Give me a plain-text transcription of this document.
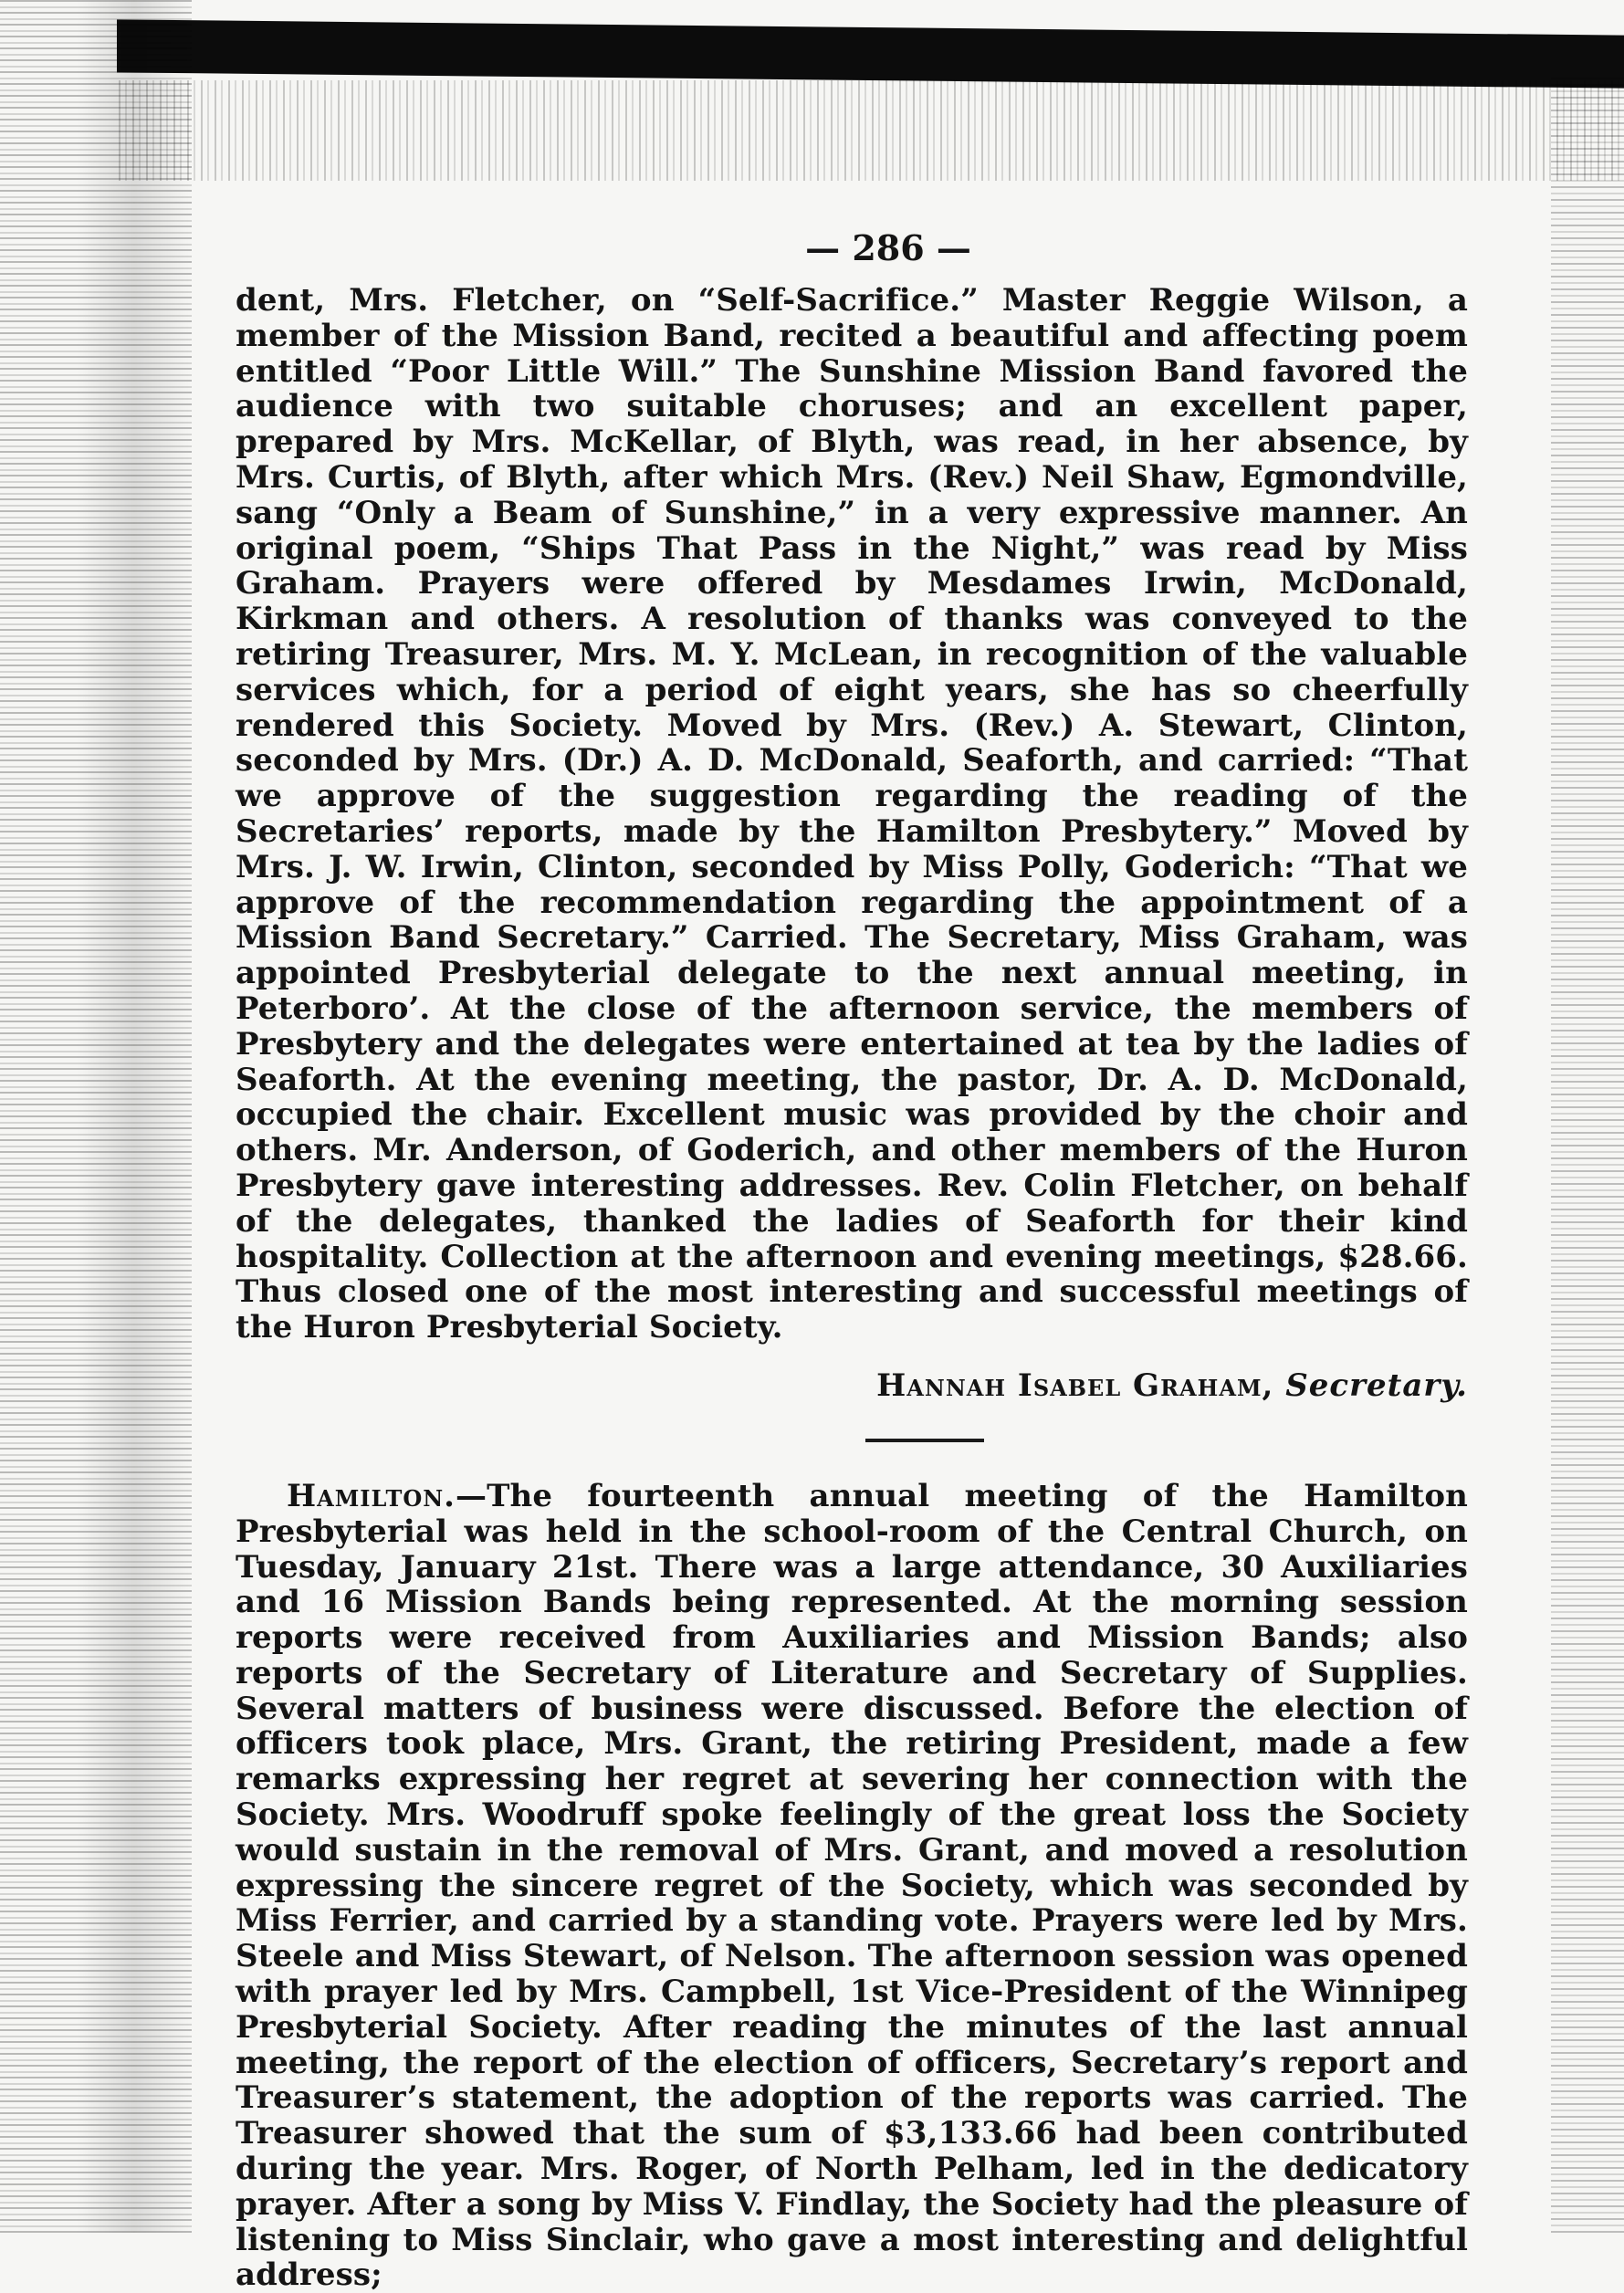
— 286 —

dent, Mrs. Fletcher, on “Self-Sacrifice.” Master Reggie Wilson, a member of the Mission Band, recited a beautiful and affecting poem entitled “Poor Little Will.” The Sunshine Mission Band favored the audience with two suitable choruses; and an excellent paper, prepared by Mrs. McKellar, of Blyth, was read, in her absence, by Mrs. Curtis, of Blyth, after which Mrs. (Rev.) Neil Shaw, Egmondville, sang “Only a Beam of Sunshine,” in a very expressive manner. An original poem, “Ships That Pass in the Night,” was read by Miss Graham. Prayers were offered by Mesdames Irwin, McDonald, Kirkman and others. A resolution of thanks was conveyed to the retiring Treasurer, Mrs. M. Y. McLean, in recognition of the valuable services which, for a period of eight years, she has so cheerfully rendered this Society. Moved by Mrs. (Rev.) A. Stewart, Clinton, seconded by Mrs. (Dr.) A. D. McDonald, Seaforth, and carried: “That we approve of the suggestion regarding the reading of the Secretaries’ reports, made by the Hamilton Presbytery.” Moved by Mrs. J. W. Irwin, Clinton, seconded by Miss Polly, Goderich: “That we approve of the recommendation regarding the appointment of a Mission Band Secretary.” Carried. The Secretary, Miss Graham, was appointed Presbyterial delegate to the next annual meeting, in Peterboro’. At the close of the afternoon service, the members of Presbytery and the delegates were entertained at tea by the ladies of Seaforth. At the evening meeting, the pastor, Dr. A. D. McDonald, occupied the chair. Excellent music was provided by the choir and others. Mr. Anderson, of Goderich, and other members of the Huron Presbytery gave interesting addresses. Rev. Colin Fletcher, on behalf of the delegates, thanked the ladies of Seaforth for their kind hospitality. Collection at the afternoon and evening meetings, $28.66. Thus closed one of the most interesting and successful meetings of the Huron Presbyterial Society.

Hannah Isabel Graham, Secretary.

Hamilton.—The fourteenth annual meeting of the Hamilton Presbyterial was held in the school-room of the Central Church, on Tuesday, January 21st. There was a large attendance, 30 Auxiliaries and 16 Mission Bands being represented. At the morning session reports were received from Auxiliaries and Mission Bands; also reports of the Secretary of Literature and Secretary of Supplies. Several matters of business were discussed. Before the election of officers took place, Mrs. Grant, the retiring President, made a few remarks expressing her regret at severing her connection with the Society. Mrs. Woodruff spoke feelingly of the great loss the Society would sustain in the removal of Mrs. Grant, and moved a resolution expressing the sincere regret of the Society, which was seconded by Miss Ferrier, and carried by a standing vote. Prayers were led by Mrs. Steele and Miss Stewart, of Nelson. The afternoon session was opened with prayer led by Mrs. Campbell, 1st Vice-President of the Winnipeg Presbyterial Society. After reading the minutes of the last annual meeting, the report of the election of officers, Secretary’s report and Treasurer’s statement, the adoption of the reports was carried. The Treasurer showed that the sum of $3,133.66 had been contributed during the year. Mrs. Roger, of North Pelham, led in the dedicatory prayer. After a song by Miss V. Findlay, the Society had the pleasure of listening to Miss Sinclair, who gave a most interesting and delightful address;
